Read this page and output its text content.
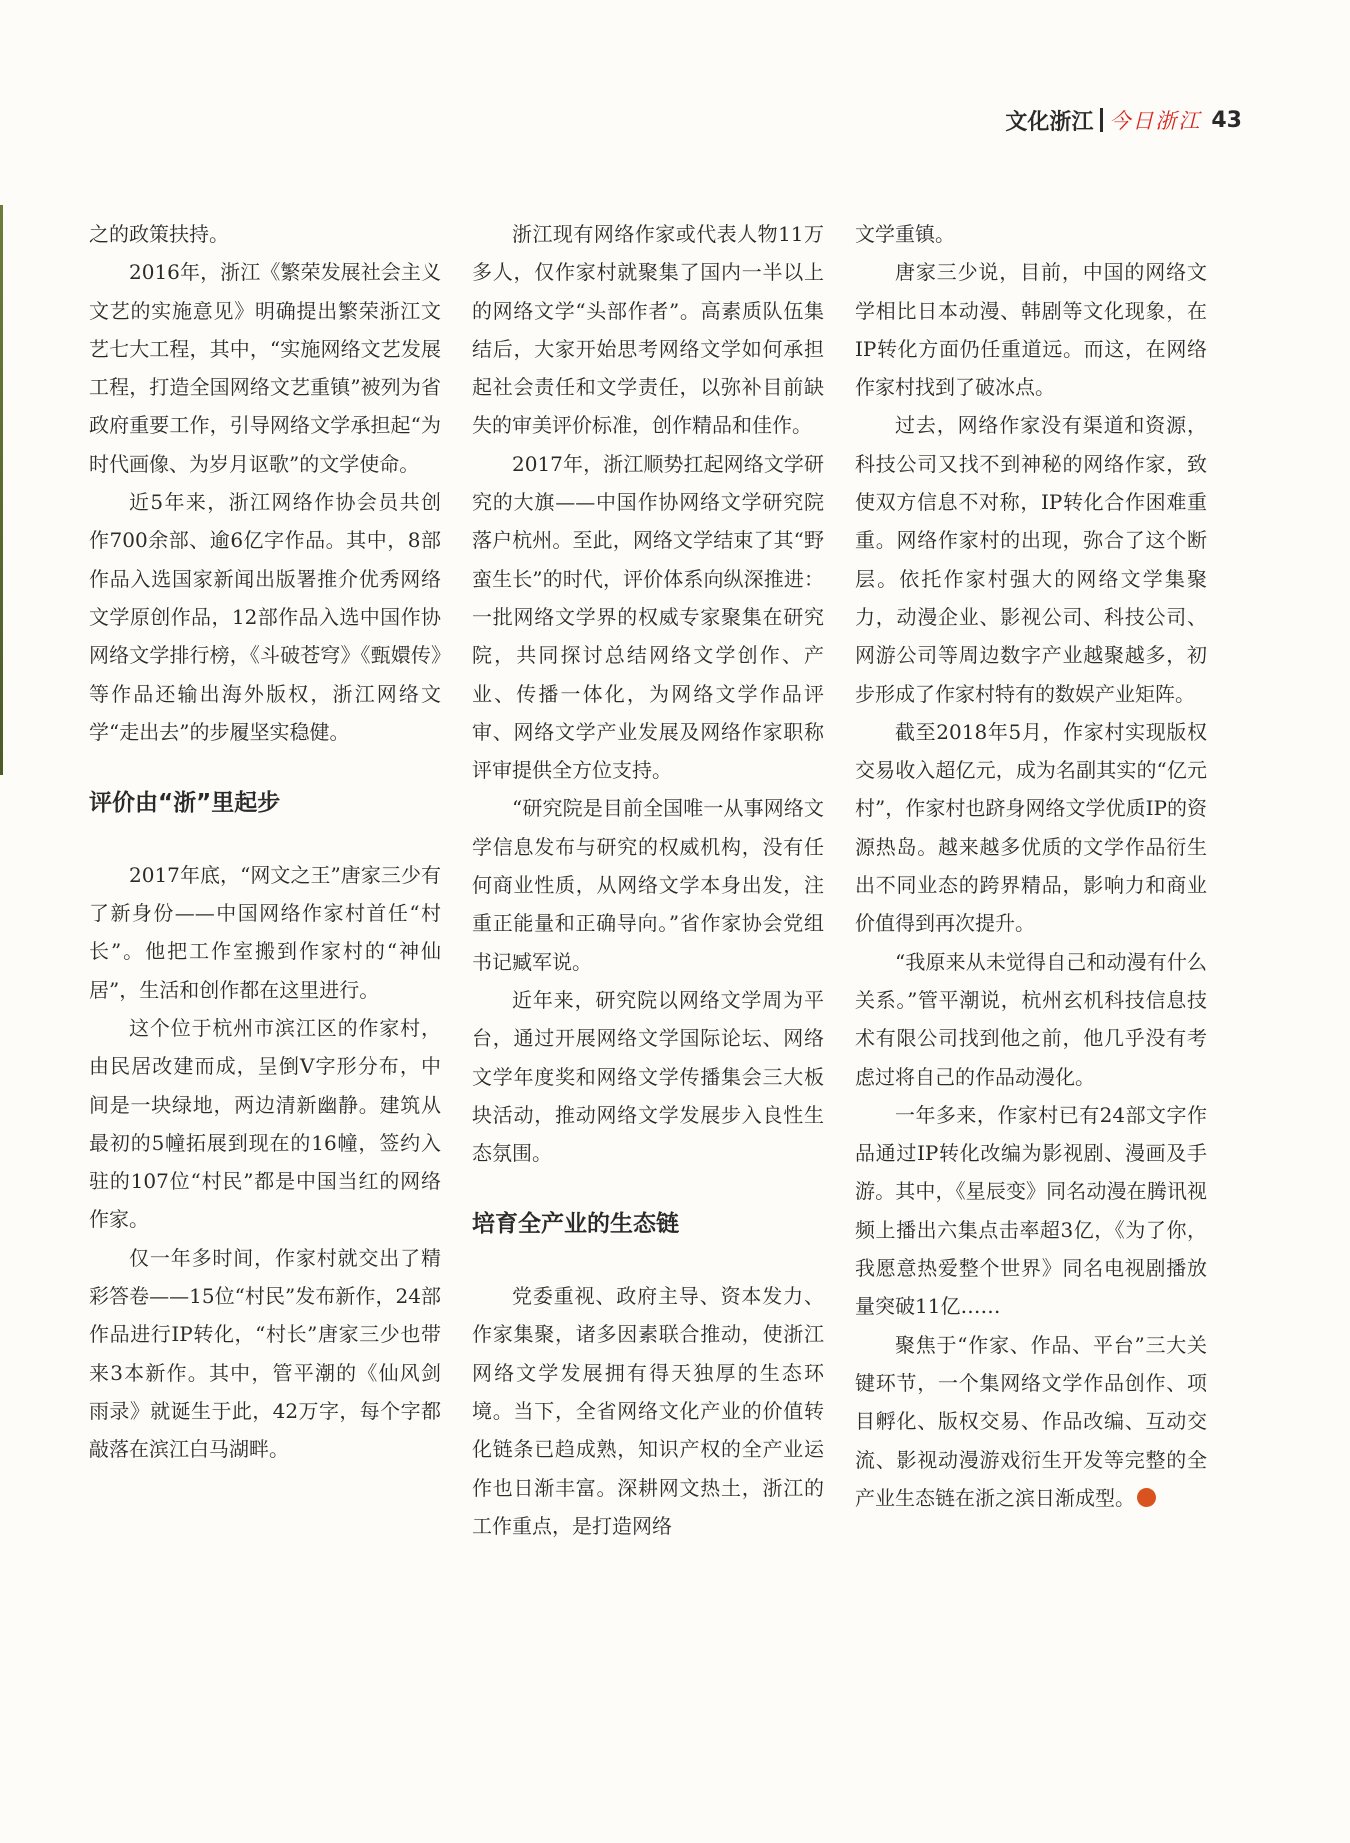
文化浙江 今日浙江 43

之的政策扶持。

2016年，浙江《繁荣发展社会主义文艺的实施意见》明确提出繁荣浙江文艺七大工程，其中，“实施网络文艺发展工程，打造全国网络文艺重镇”被列为省政府重要工作，引导网络文学承担起“为时代画像、为岁月讴歌”的文学使命。

近5年来，浙江网络作协会员共创作700余部、逾6亿字作品。其中，8部作品入选国家新闻出版署推介优秀网络文学原创作品，12部作品入选中国作协网络文学排行榜，《斗破苍穹》《甄嬛传》等作品还输出海外版权，浙江网络文学“走出去”的步履坚实稳健。

评价由“浙”里起步

2017年底，“网文之王”唐家三少有了新身份——中国网络作家村首任“村长”。他把工作室搬到作家村的“神仙居”，生活和创作都在这里进行。

这个位于杭州市滨江区的作家村，由民居改建而成，呈倒V字形分布，中间是一块绿地，两边清新幽静。建筑从最初的5幢拓展到现在的16幢，签约入驻的107位“村民”都是中国当红的网络作家。

仅一年多时间，作家村就交出了精彩答卷——15位“村民”发布新作，24部作品进行IP转化，“村长”唐家三少也带来3本新作。其中，管平潮的《仙风剑雨录》就诞生于此，42万字，每个字都敲落在滨江白马湖畔。

浙江现有网络作家或代表人物11万多人，仅作家村就聚集了国内一半以上的网络文学“头部作者”。高素质队伍集结后，大家开始思考网络文学如何承担起社会责任和文学责任，以弥补目前缺失的审美评价标准，创作精品和佳作。

2017年，浙江顺势扛起网络文学研究的大旗——中国作协网络文学研究院落户杭州。至此，网络文学结束了其“野蛮生长”的时代，评价体系向纵深推进：一批网络文学界的权威专家聚集在研究院，共同探讨总结网络文学创作、产业、传播一体化，为网络文学作品评审、网络文学产业发展及网络作家职称评审提供全方位支持。

“研究院是目前全国唯一从事网络文学信息发布与研究的权威机构，没有任何商业性质，从网络文学本身出发，注重正能量和正确导向。”省作家协会党组书记臧军说。

近年来，研究院以网络文学周为平台，通过开展网络文学国际论坛、网络文学年度奖和网络文学传播集会三大板块活动，推动网络文学发展步入良性生态氛围。

培育全产业的生态链

党委重视、政府主导、资本发力、作家集聚，诸多因素联合推动，使浙江网络文学发展拥有得天独厚的生态环境。当下，全省网络文化产业的价值转化链条已趋成熟，知识产权的全产业运作也日渐丰富。深耕网文热土，浙江的工作重点，是打造网络

文学重镇。

唐家三少说，目前，中国的网络文学相比日本动漫、韩剧等文化现象，在IP转化方面仍任重道远。而这，在网络作家村找到了破冰点。

过去，网络作家没有渠道和资源，科技公司又找不到神秘的网络作家，致使双方信息不对称，IP转化合作困难重重。网络作家村的出现，弥合了这个断层。依托作家村强大的网络文学集聚力，动漫企业、影视公司、科技公司、网游公司等周边数字产业越聚越多，初步形成了作家村特有的数娱产业矩阵。

截至2018年5月，作家村实现版权交易收入超亿元，成为名副其实的“亿元村”，作家村也跻身网络文学优质IP的资源热岛。越来越多优质的文学作品衍生出不同业态的跨界精品，影响力和商业价值得到再次提升。

“我原来从未觉得自己和动漫有什么关系。”管平潮说，杭州玄机科技信息技术有限公司找到他之前，他几乎没有考虑过将自己的作品动漫化。

一年多来，作家村已有24部文字作品通过IP转化改编为影视剧、漫画及手游。其中，《星辰变》同名动漫在腾讯视频上播出六集点击率超3亿，《为了你，我愿意热爱整个世界》同名电视剧播放量突破11亿……

聚焦于“作家、作品、平台”三大关键环节，一个集网络文学作品创作、项目孵化、版权交易、作品改编、互动交流、影视动漫游戏衍生开发等完整的全产业生态链在浙之滨日渐成型。
